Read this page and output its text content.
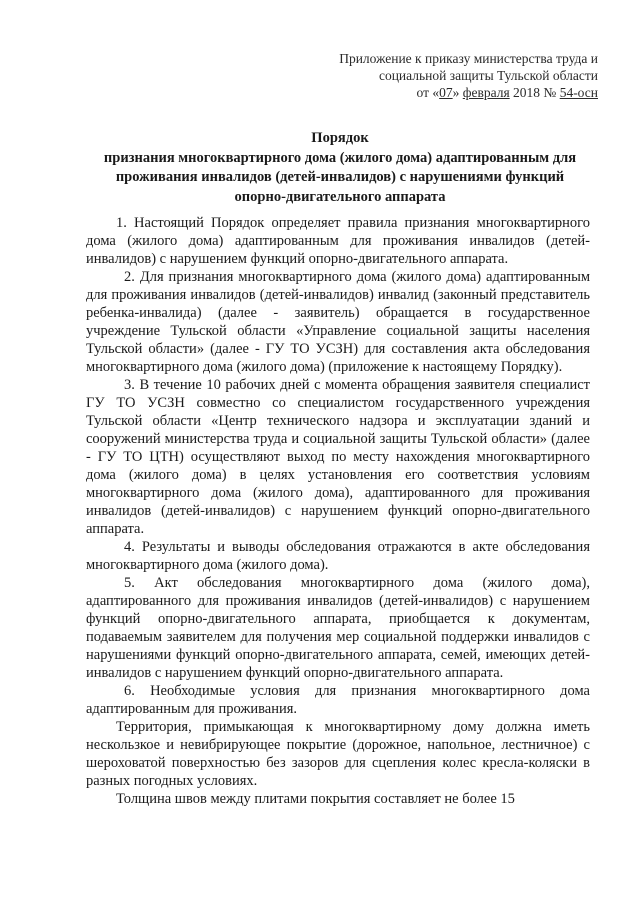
Приложение к приказу министерства труда и
социальной защиты Тульской области
от «07» февраля 2018 № 54-осн
Порядок
признания многоквартирного дома (жилого дома) адаптированным для
проживания инвалидов (детей-инвалидов) с нарушениями функций
опорно-двигательного аппарата

1. Настоящий Порядок определяет правила признания многоквартирного дома (жилого дома) адаптированным для проживания инвалидов (детей-инвалидов) с нарушением функций опорно-двигательного аппарата.

2. Для признания многоквартирного дома (жилого дома) адаптированным для проживания инвалидов (детей-инвалидов) инвалид (законный представитель ребенка-инвалида) (далее - заявитель) обращается в государственное учреждение Тульской области «Управление социальной защиты населения Тульской области» (далее - ГУ ТО УСЗН) для составления акта обследования многоквартирного дома (жилого дома) (приложение к настоящему Порядку).

3. В течение 10 рабочих дней с момента обращения заявителя специалист ГУ ТО УСЗН совместно со специалистом государственного учреждения Тульской области «Центр технического надзора и эксплуатации зданий и сооружений министерства труда и социальной защиты Тульской области» (далее - ГУ ТО ЦТН) осуществляют выход по месту нахождения многоквартирного дома (жилого дома) в целях установления его соответствия условиям многоквартирного дома (жилого дома), адаптированного для проживания инвалидов (детей-инвалидов) с нарушением функций опорно-двигательного аппарата.

4. Результаты и выводы обследования отражаются в акте обследования многоквартирного дома (жилого дома).

5. Акт обследования многоквартирного дома (жилого дома), адаптированного для проживания инвалидов (детей-инвалидов) с нарушением функций опорно-двигательного аппарата, приобщается к документам, подаваемым заявителем для получения мер социальной поддержки инвалидов с нарушениями функций опорно-двигательного аппарата, семей, имеющих детей-инвалидов с нарушением функций опорно-двигательного аппарата.

6. Необходимые условия для признания многоквартирного дома адаптированным для проживания.

Территория, примыкающая к многоквартирному дому должна иметь нескользкое и невибрирующее покрытие (дорожное, напольное, лестничное) с шероховатой поверхностью без зазоров для сцепления колес кресла-коляски в разных погодных условиях.

Толщина швов между плитами покрытия составляет не более 15
